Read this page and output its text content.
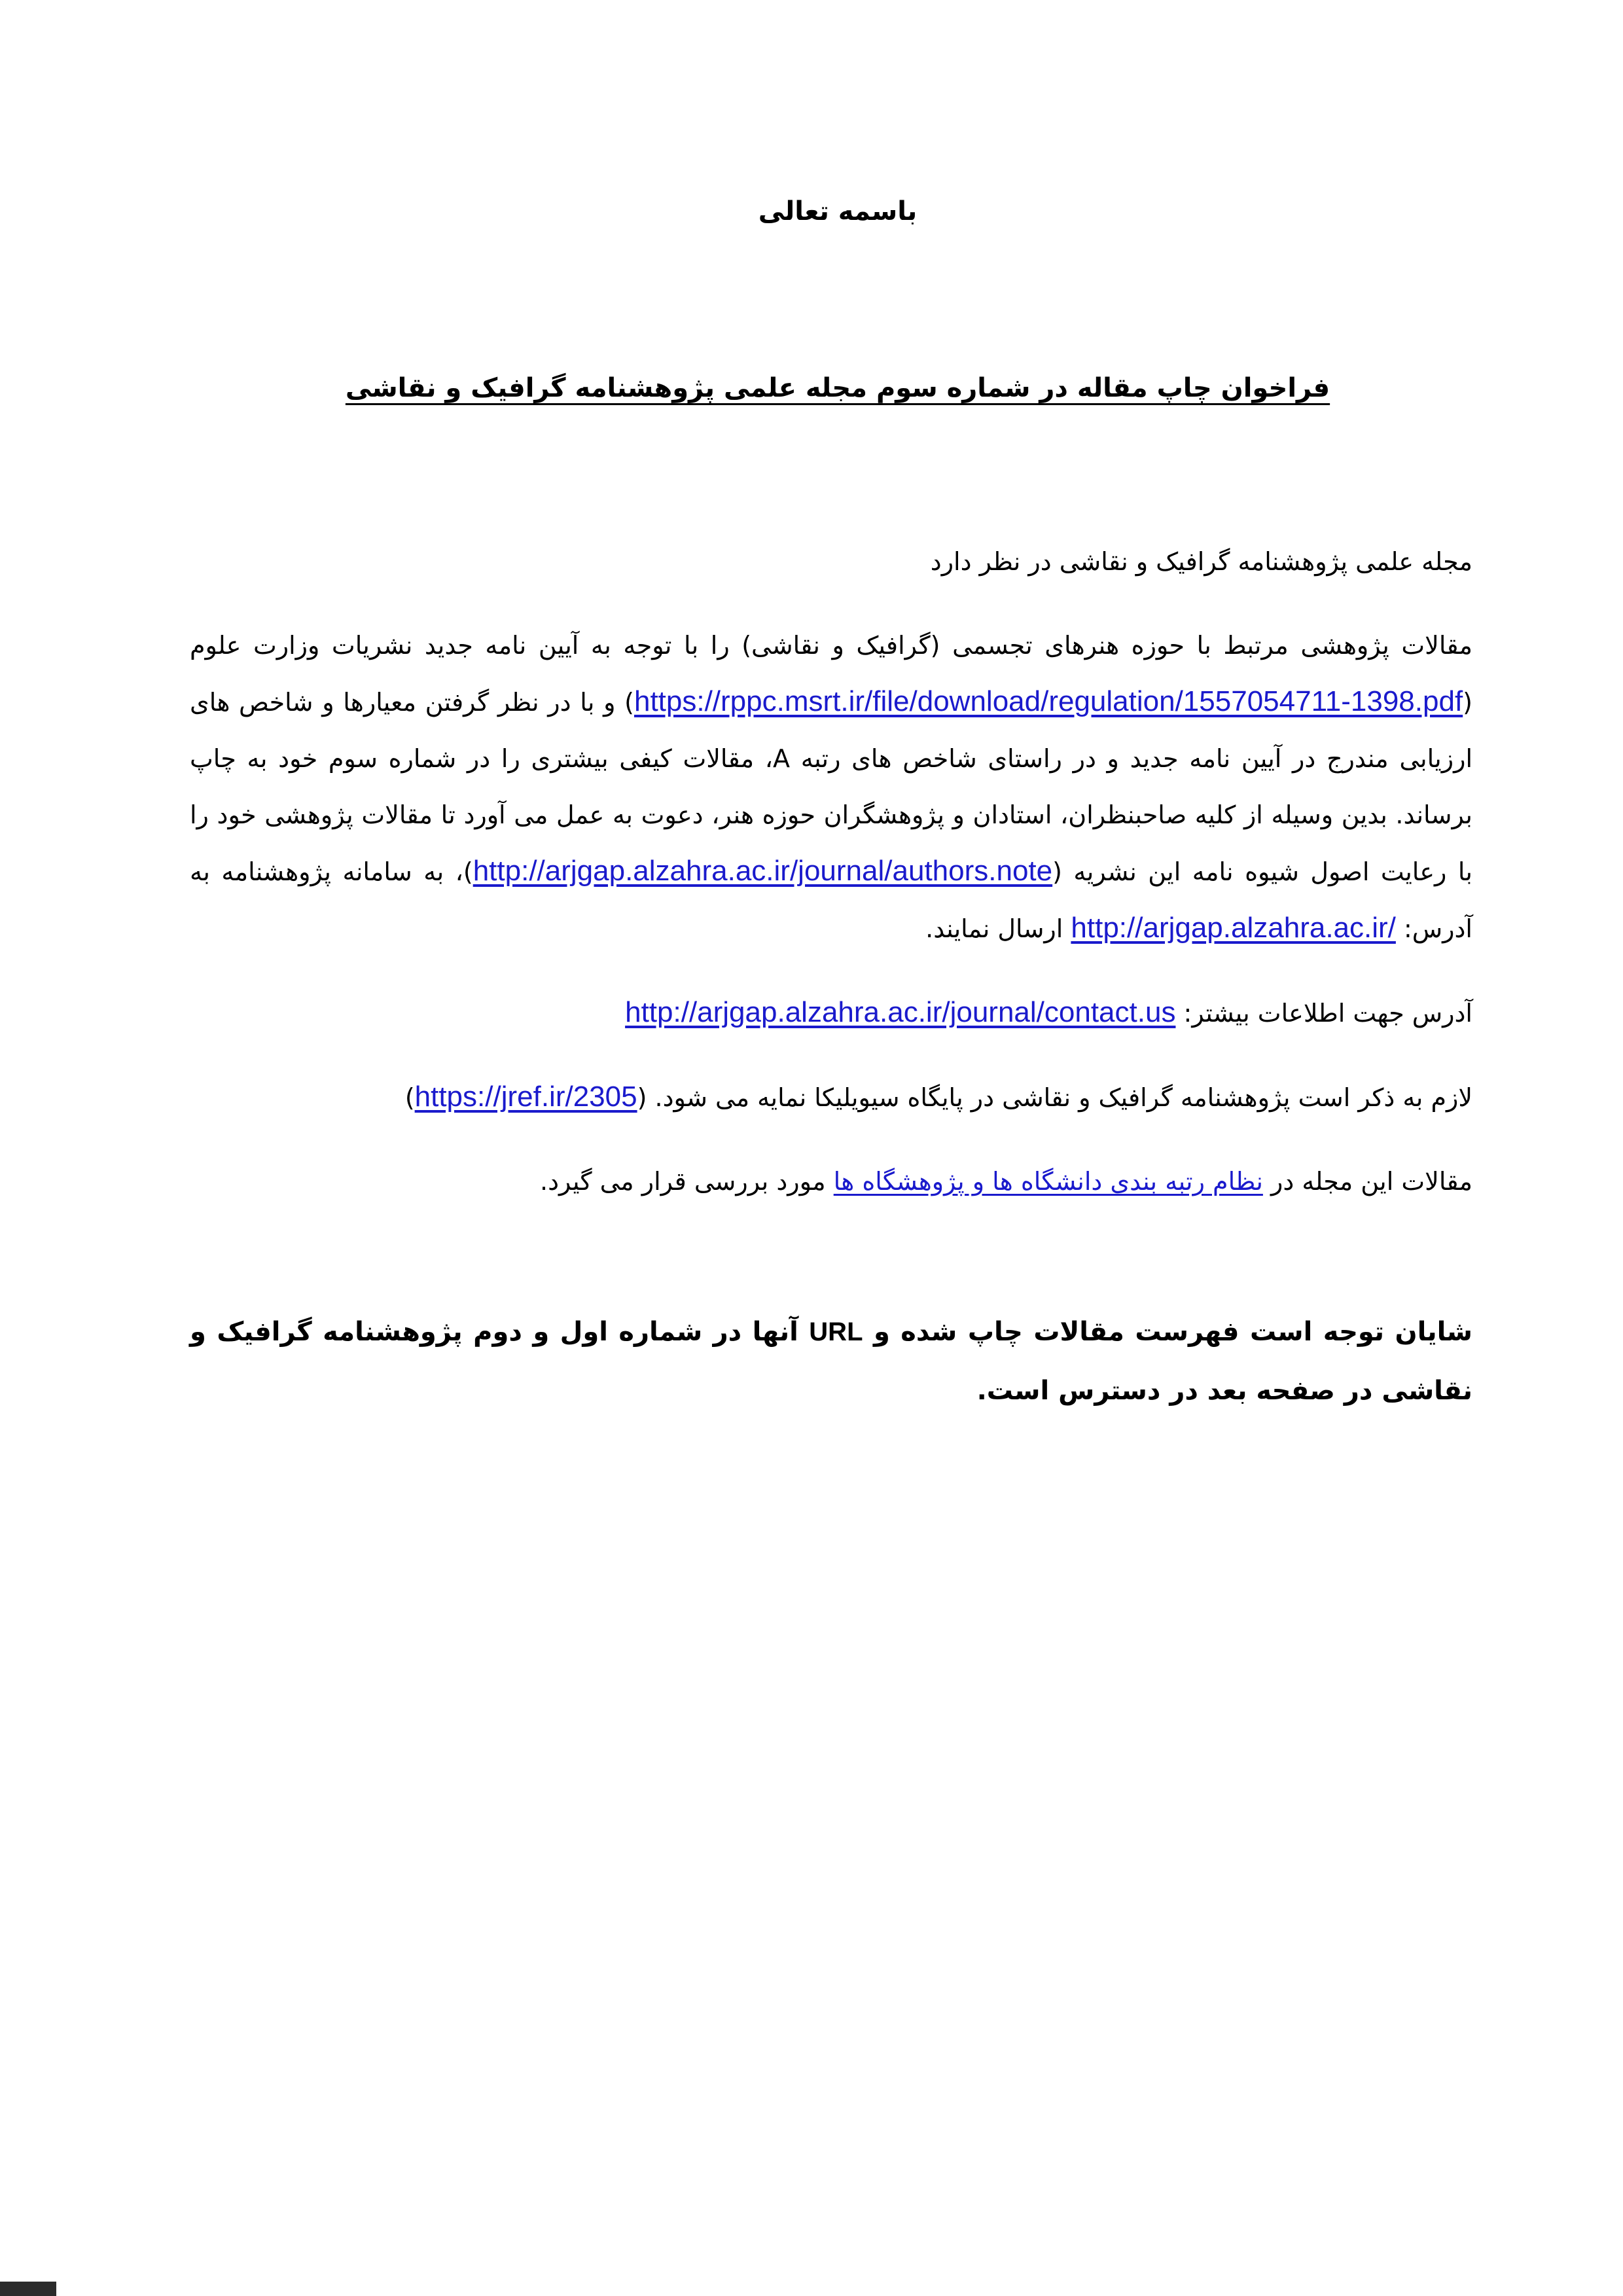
باسمه تعالی

فراخوان چاپ مقاله در شماره سوم مجله علمی پژوهشنامه گرافیک و نقاشی

مجله علمی پژوهشنامه گرافیک و نقاشی در نظر دارد

مقالات پژوهشی مرتبط با حوزه هنرهای تجسمی (گرافیک و نقاشی) را با توجه به آیین نامه جدید نشریات وزارت علوم (https://rppc.msrt.ir/file/download/regulation/1557054711-1398.pdf) و با در نظر گرفتن معیارها و شاخص های ارزیابی مندرج در آیین نامه جدید و در راستای شاخص های رتبه A، مقالات کیفی بیشتری را در شماره سوم خود به چاپ برساند. بدین وسیله از کلیه صاحبنظران، استادان و پژوهشگران حوزه هنر، دعوت به عمل می آورد تا مقالات پژوهشی خود را با رعایت اصول شیوه نامه این نشریه (http://arjgap.alzahra.ac.ir/journal/authors.note)، به سامانه پژوهشنامه به آدرس: http://arjgap.alzahra.ac.ir/ ارسال نمایند.

آدرس جهت اطلاعات بیشتر: http://arjgap.alzahra.ac.ir/journal/contact.us

لازم به ذکر است پژوهشنامه گرافیک و نقاشی در پایگاه سیویلیکا نمایه می شود. (https://jref.ir/2305)

مقالات این مجله در نظام رتبه بندی دانشگاه ها و پژوهشگاه ها مورد بررسی قرار می گیرد.

شایان توجه است فهرست مقالات چاپ شده و URL آنها در شماره اول و دوم پژوهشنامه گرافیک و نقاشی در صفحه بعد در دسترس است.
